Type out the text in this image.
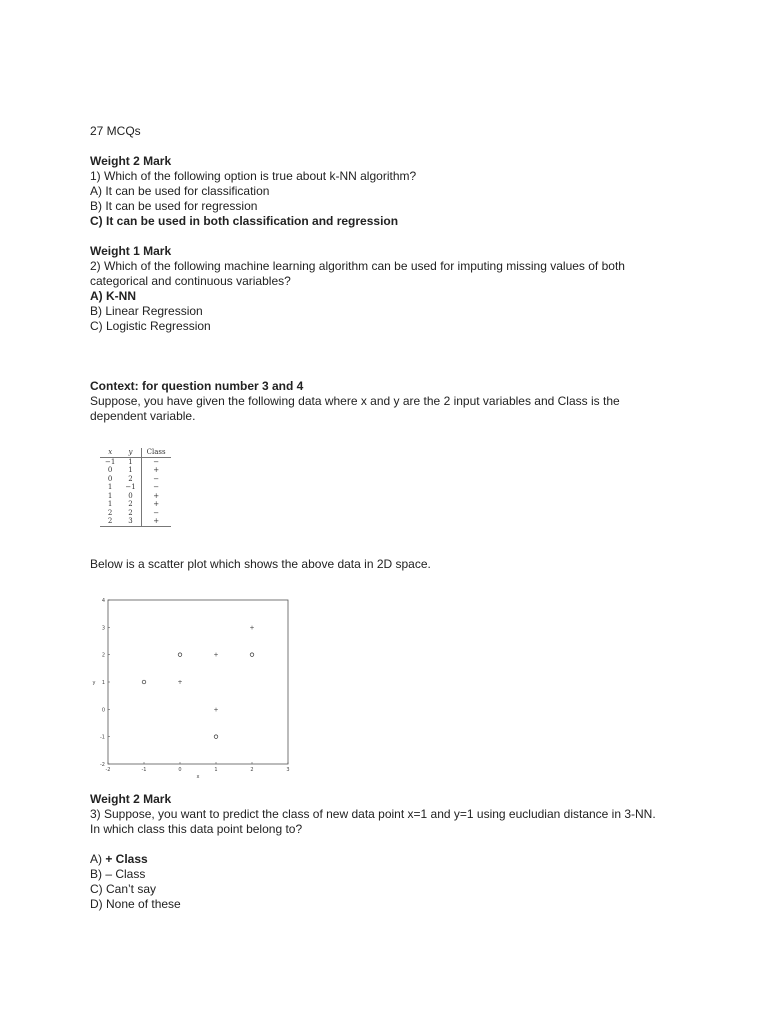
27 MCQs
Weight 2 Mark
1) Which of the following option is true about k-NN algorithm?
A) It can be used for classification
B) It can be used for regression
C) It can be used in both classification and regression
Weight 1 Mark
2) Which of the following machine learning algorithm can be used for imputing missing values of both categorical and continuous variables?
A) K-NN
B) Linear Regression
C) Logistic Regression
Context: for question number 3 and 4
Suppose, you have given the following data where x and y are the 2 input variables and Class is the dependent variable.
x	y	Class
−1	1	−
0	1	+
0	2	−
1	−1	−
1	0	+
1	2	+
2	2	−
2	3	+
Below is a scatter plot which shows the above data in 2D space.
-2	-1	0	1	2	3
-2
-1
0
1
2
3
4
x
y	+
+
+
+
Weight 2 Mark
3) Suppose, you want to predict the class of new data point x=1 and y=1 using eucludian distance in 3-NN. In which class this data point belong to?
A) + Class
B) – Class
C) Can’t say
D) None of these
